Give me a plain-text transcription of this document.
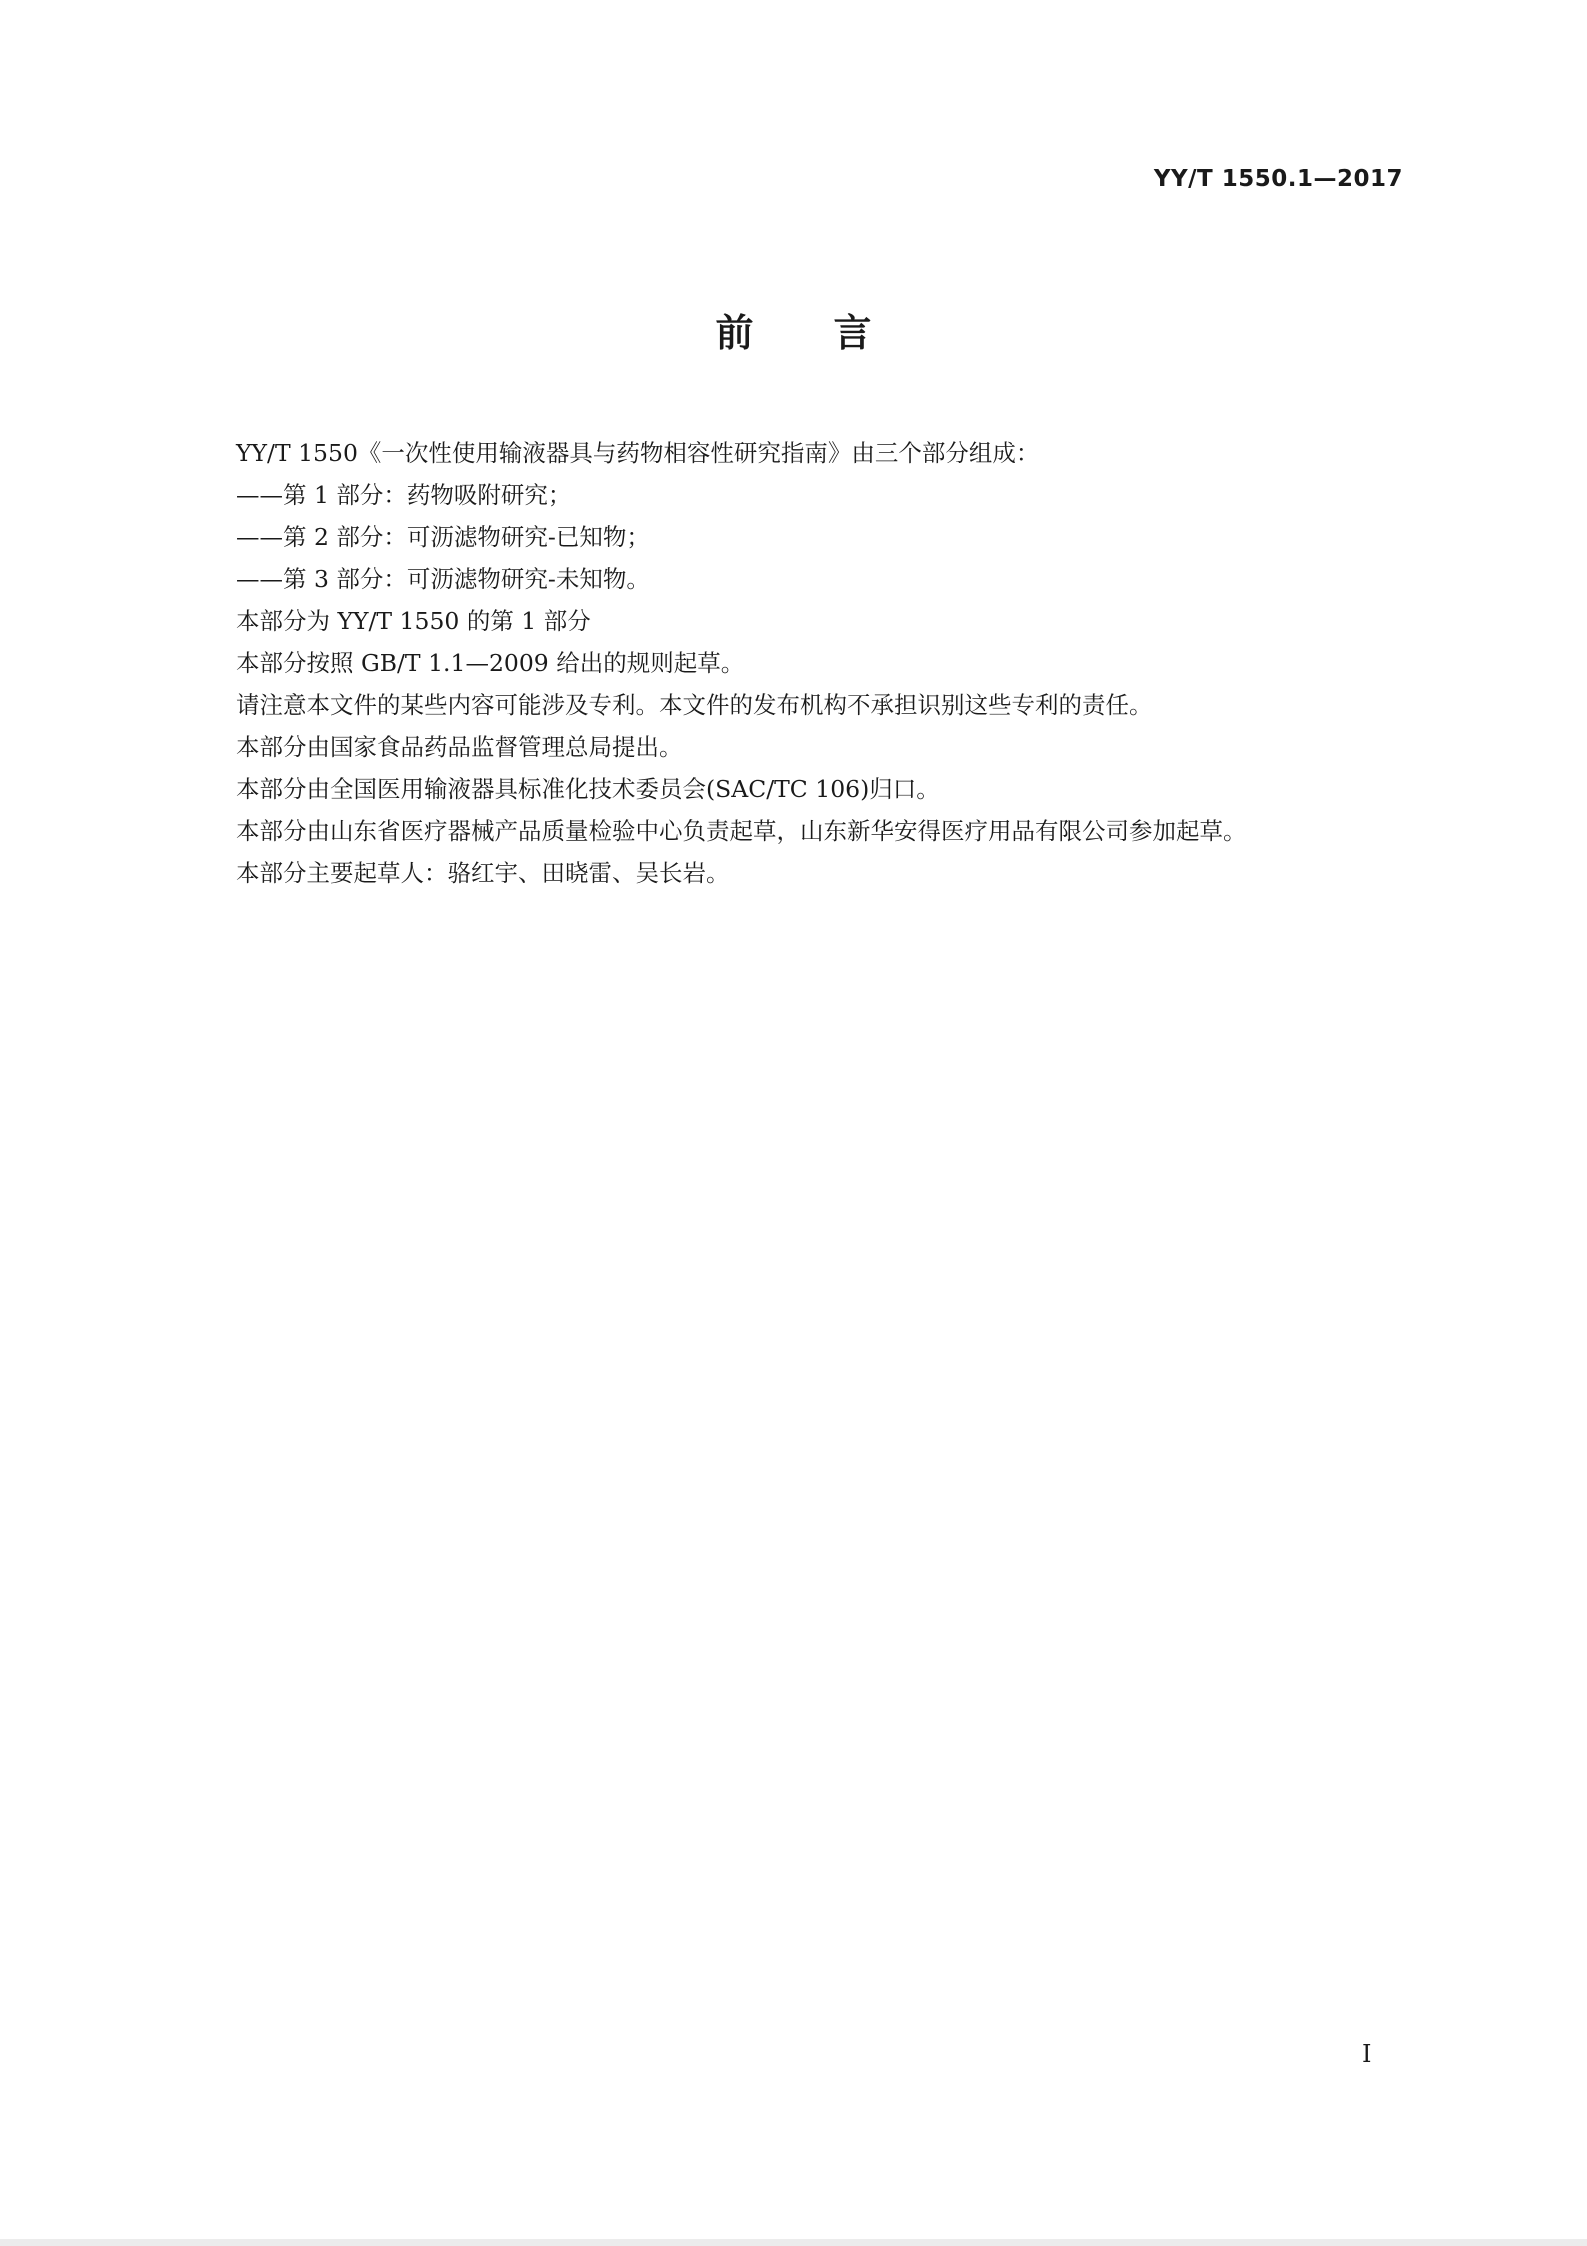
YY/T 1550.1—2017
前言
YY/T 1550《一次性使用输液器具与药物相容性研究指南》由三个部分组成：
——第 1 部分：药物吸附研究；
——第 2 部分：可沥滤物研究-已知物；
——第 3 部分：可沥滤物研究-未知物。
本部分为 YY/T 1550 的第 1 部分
本部分按照 GB/T 1.1—2009 给出的规则起草。
请注意本文件的某些内容可能涉及专利。本文件的发布机构不承担识别这些专利的责任。
本部分由国家食品药品监督管理总局提出。
本部分由全国医用输液器具标准化技术委员会(SAC/TC 106)归口。
本部分由山东省医疗器械产品质量检验中心负责起草，山东新华安得医疗用品有限公司参加起草。
本部分主要起草人：骆红宇、田晓雷、吴长岩。
I
